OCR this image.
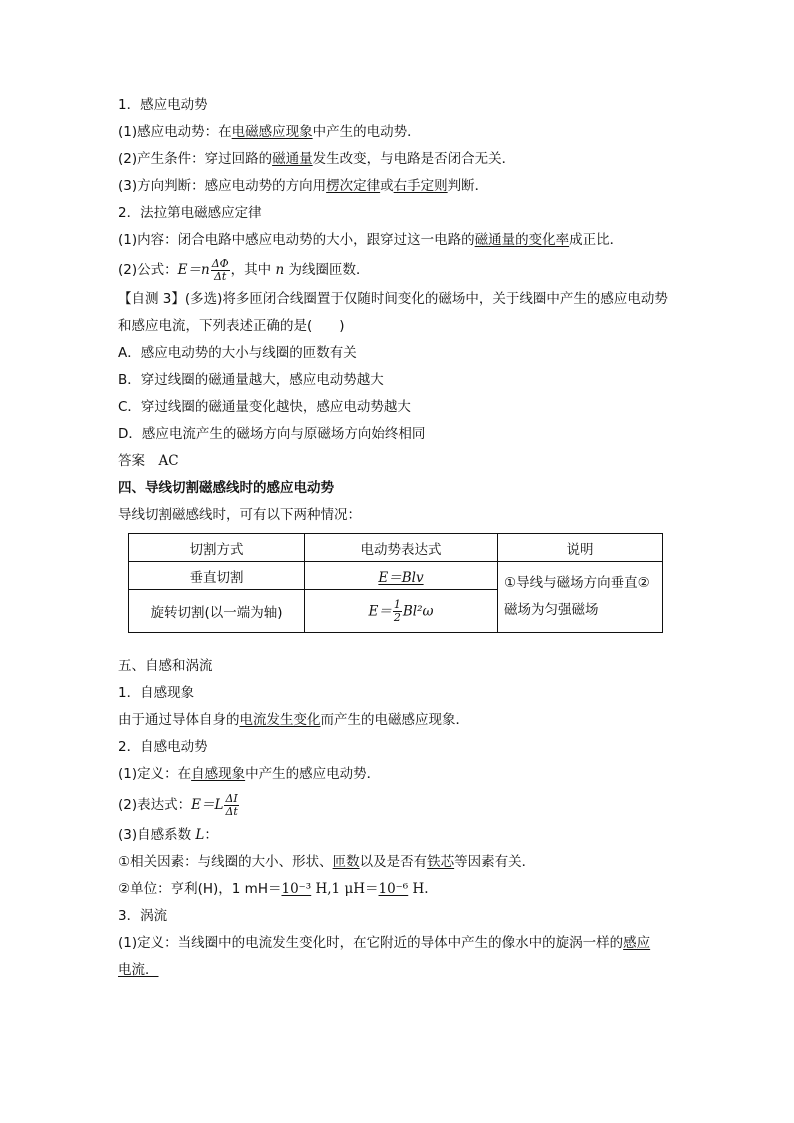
1．感应电动势
(1)感应电动势：在电磁感应现象中产生的电动势．
(2)产生条件：穿过回路的磁通量发生改变，与电路是否闭合无关．
(3)方向判断：感应电动势的方向用楞次定律或右手定则判断．
2．法拉第电磁感应定律
(1)内容：闭合电路中感应电动势的大小，跟穿过这一电路的磁通量的变化率成正比．
(2)公式：$E=n \frac{\Delta\Phi}{\Delta t}$ ，其中 n 为线圈匝数．
【自测 3】(多选)将多匝闭合线圈置于仅随时间变化的磁场中，关于线圈中产生的感应电动势
和感应电流，下列表述正确的是(　　)
A．感应电动势的大小与线圈的匝数有关
B．穿过线圈的磁通量越大，感应电动势越大
C．穿过线圈的磁通量变化越快，感应电动势越大
D．感应电流产生的磁场方向与原磁场方向始终相同
答案　 AC
四、导线切割磁感线时的感应电动势
导线切割磁感线时，可有以下两种情况：
切割方式	电动势表达式	说明
垂直切割	E＝Blv	①导线与磁场方向垂直②磁场为匀强磁场
旋转切割(以一端为轴)	$E= \frac{1}{2} Bl^2\omega$	
五、自感和涡流
1．自感现象
由于通过导体自身的电流发生变化而产生的电磁感应现象．
2．自感电动势
(1)定义：在自感现象中产生的感应电动势．
(2)表达式：$E=L \frac{\Delta I}{\Delta t}$
(3)自感系数 L：
①相关因素：与线圈的大小、形状、匝数以及是否有铁芯等因素有关．
②单位：亨利(H)，1 mH＝10⁻³ H,1 μH＝10⁻⁶ H.
3．涡流
(1)定义：当线圈中的电流发生变化时，在它附近的导体中产生的像水中的旋涡一样的感应
电流．
